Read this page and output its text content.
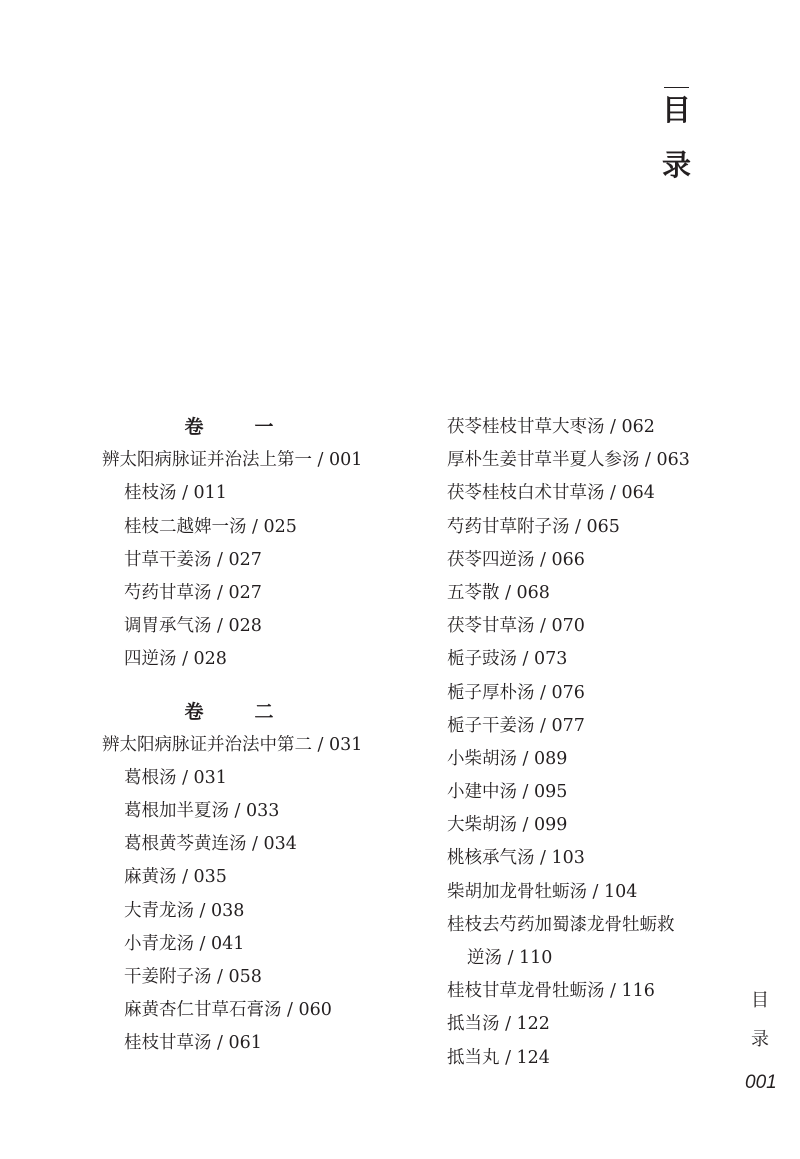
目
录
卷　一
辨太阳病脉证并治法上第一 / 001
桂枝汤 / 011
桂枝二越婢一汤 / 025
甘草干姜汤 / 027
芍药甘草汤 / 027
调胃承气汤 / 028
四逆汤 / 028
卷　二
辨太阳病脉证并治法中第二 / 031
葛根汤 / 031
葛根加半夏汤 / 033
葛根黄芩黄连汤 / 034
麻黄汤 / 035
大青龙汤 / 038
小青龙汤 / 041
干姜附子汤 / 058
麻黄杏仁甘草石膏汤 / 060
桂枝甘草汤 / 061
茯苓桂枝甘草大枣汤 / 062
厚朴生姜甘草半夏人参汤 / 063
茯苓桂枝白术甘草汤 / 064
芍药甘草附子汤 / 065
茯苓四逆汤 / 066
五苓散 / 068
茯苓甘草汤 / 070
栀子豉汤 / 073
栀子厚朴汤 / 076
栀子干姜汤 / 077
小柴胡汤 / 089
小建中汤 / 095
大柴胡汤 / 099
桃核承气汤 / 103
柴胡加龙骨牡蛎汤 / 104
桂枝去芍药加蜀漆龙骨牡蛎救
逆汤 / 110
桂枝甘草龙骨牡蛎汤 / 116
抵当汤 / 122
抵当丸 / 124
目
录
001
